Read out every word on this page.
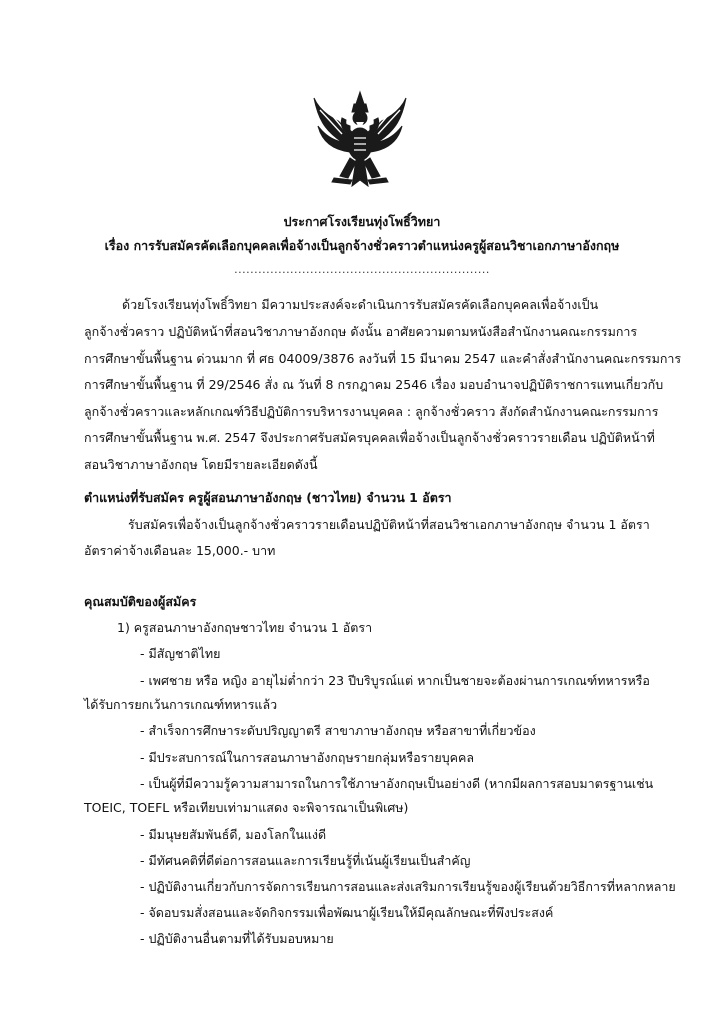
ประกาศโรงเรียนทุ่งโพธิ์วิทยา
เรื่อง การรับสมัครคัดเลือกบุคคลเพื่อจ้างเป็นลูกจ้างชั่วคราวตำแหน่งครูผู้สอนวิชาเอกภาษาอังกฤษ
................................................................
ด้วยโรงเรียนทุ่งโพธิ์วิทยา มีความประสงค์จะดำเนินการรับสมัครคัดเลือกบุคคลเพื่อจ้างเป็น
ลูกจ้างชั่วคราว ปฏิบัติหน้าที่สอนวิชาภาษาอังกฤษ ดังนั้น อาศัยความตามหนังสือสำนักงานคณะกรรมการ
การศึกษาขั้นพื้นฐาน ด่วนมาก ที่ ศธ 04009/3876 ลงวันที่ 15 มีนาคม 2547 และคำสั่งสำนักงานคณะกรรมการ
การศึกษาขั้นพื้นฐาน ที่ 29/2546 สั่ง ณ วันที่ 8 กรกฎาคม 2546 เรื่อง มอบอำนาจปฏิบัติราชการแทนเกี่ยวกับ
ลูกจ้างชั่วคราวและหลักเกณฑ์วิธีปฏิบัติการบริหารงานบุคคล : ลูกจ้างชั่วคราว สังกัดสำนักงานคณะกรรมการ
การศึกษาขั้นพื้นฐาน พ.ศ. 2547 จึงประกาศรับสมัครบุคคลเพื่อจ้างเป็นลูกจ้างชั่วคราวรายเดือน ปฏิบัติหน้าที่
สอนวิชาภาษาอังกฤษ โดยมีรายละเอียดดังนี้
ตำแหน่งที่รับสมัคร ครูผู้สอนภาษาอังกฤษ (ชาวไทย) จำนวน 1 อัตรา
รับสมัครเพื่อจ้างเป็นลูกจ้างชั่วคราวรายเดือนปฏิบัติหน้าที่สอนวิชาเอกภาษาอังกฤษ จำนวน 1 อัตรา
อัตราค่าจ้างเดือนละ 15,000.- บาท
คุณสมบัติของผู้สมัคร
1) ครูสอนภาษาอังกฤษชาวไทย จำนวน 1 อัตรา
- มีสัญชาติไทย
- เพศชาย หรือ หญิง อายุไม่ต่ำกว่า 23 ปีบริบูรณ์แต่ หากเป็นชายจะต้องผ่านการเกณฑ์ทหารหรือ
ได้รับการยกเว้นการเกณฑ์ทหารแล้ว
- สำเร็จการศึกษาระดับปริญญาตรี สาขาภาษาอังกฤษ หรือสาขาที่เกี่ยวข้อง
- มีประสบการณ์ในการสอนภาษาอังกฤษรายกลุ่มหรือรายบุคคล
- เป็นผู้ที่มีความรู้ความสามารถในการใช้ภาษาอังกฤษเป็นอย่างดี (หากมีผลการสอบมาตรฐานเช่น
TOEIC, TOEFL หรือเทียบเท่ามาแสดง จะพิจารณาเป็นพิเศษ)
- มีมนุษยสัมพันธ์ดี, มองโลกในแง่ดี
- มีทัศนคติที่ดีต่อการสอนและการเรียนรู้ที่เน้นผู้เรียนเป็นสำคัญ
- ปฏิบัติงานเกี่ยวกับการจัดการเรียนการสอนและส่งเสริมการเรียนรู้ของผู้เรียนด้วยวิธีการที่หลากหลาย
- จัดอบรมสั่งสอนและจัดกิจกรรมเพื่อพัฒนาผู้เรียนให้มีคุณลักษณะที่พึงประสงค์
- ปฏิบัติงานอื่นตามที่ได้รับมอบหมาย
